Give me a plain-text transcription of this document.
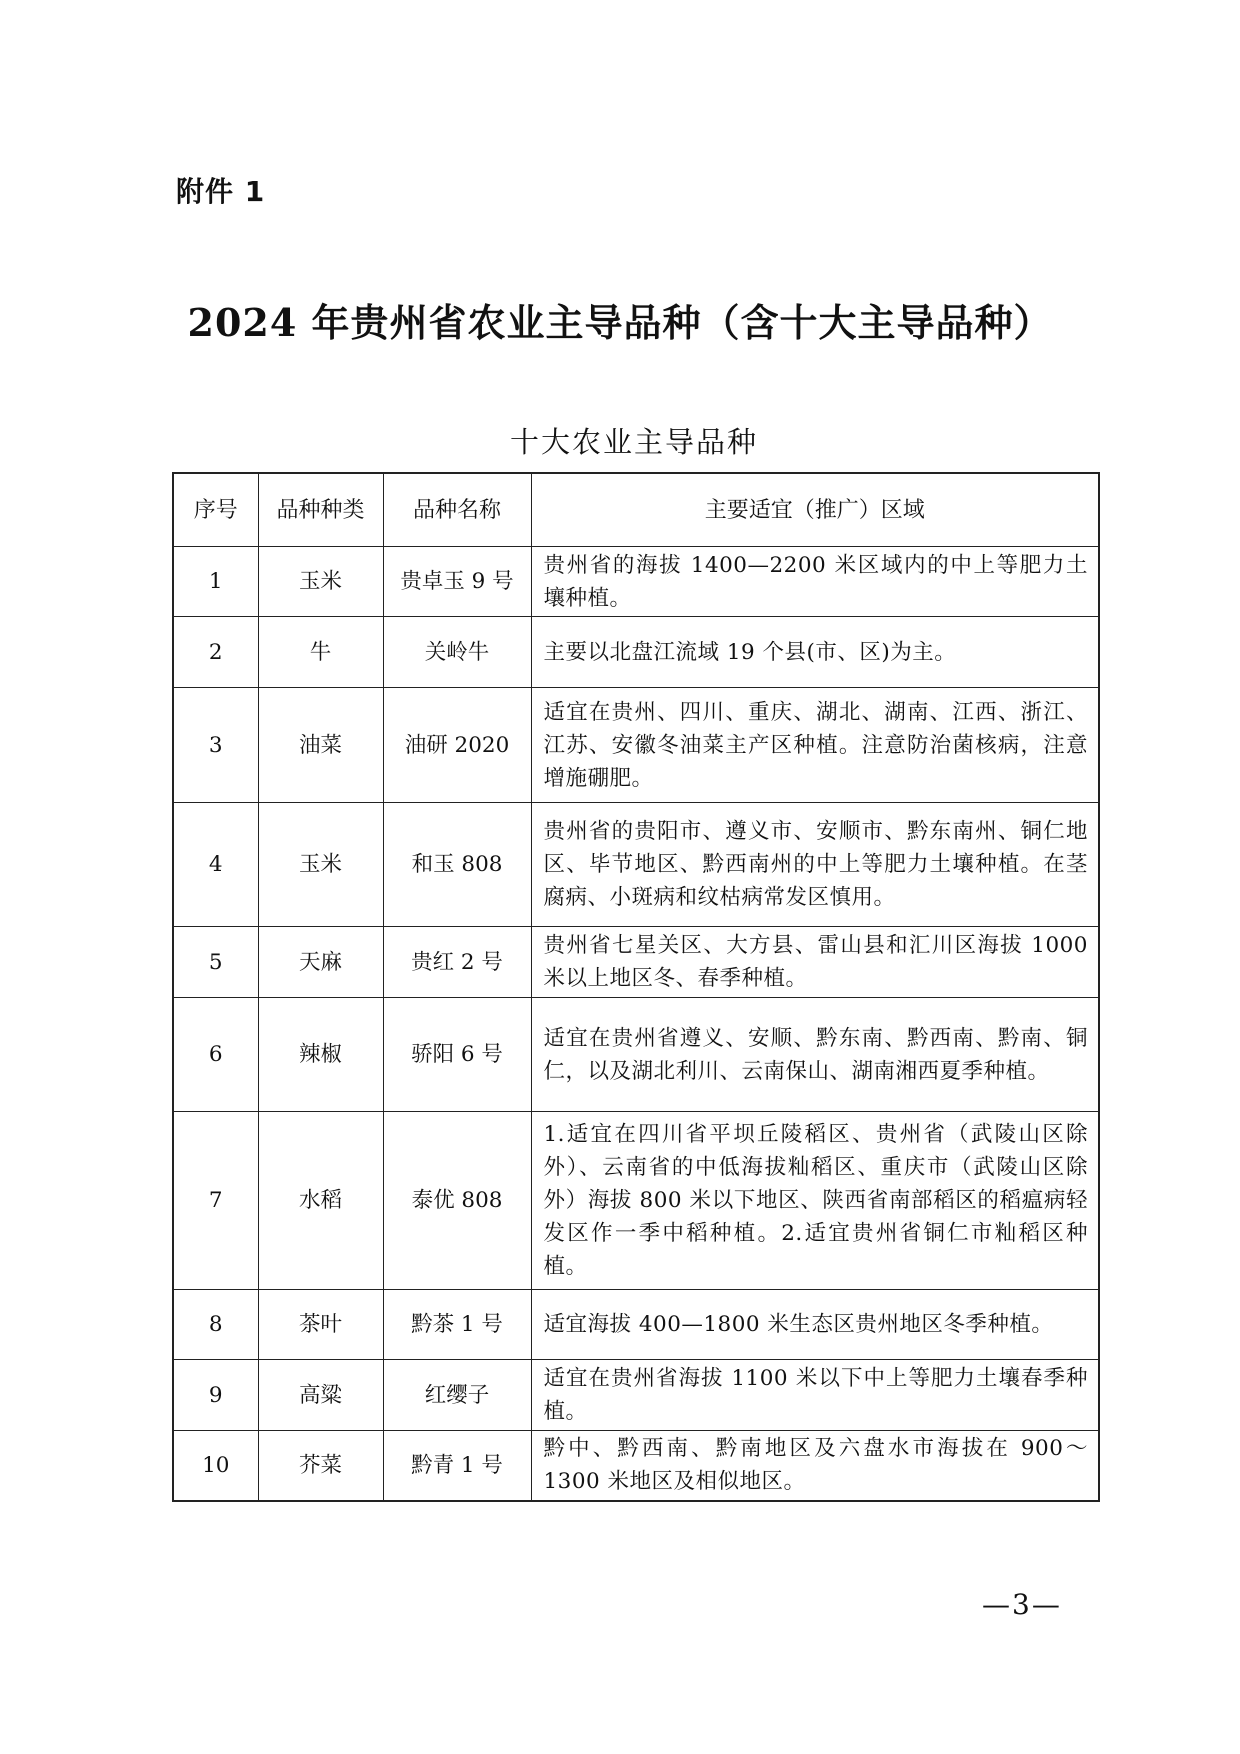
附件 1
2024 年贵州省农业主导品种（含十大主导品种）
十大农业主导品种
序号	品种种类	品种名称	主要适宜（推广）区域
1	玉米	贵卓玉 9 号	贵州省的海拔 1400—2200 米区域内的中上等肥力土壤种植。
2	牛	关岭牛	主要以北盘江流域 19 个县(市、区)为主。
3	油菜	油研 2020	适宜在贵州、四川、重庆、湖北、湖南、江西、浙江、江苏、安徽冬油菜主产区种植。注意防治菌核病，注意增施硼肥。
4	玉米	和玉 808	贵州省的贵阳市、遵义市、安顺市、黔东南州、铜仁地区、毕节地区、黔西南州的中上等肥力土壤种植。在茎腐病、小斑病和纹枯病常发区慎用。
5	天麻	贵红 2 号	贵州省七星关区、大方县、雷山县和汇川区海拔 1000 米以上地区冬、春季种植。
6	辣椒	骄阳 6 号	适宜在贵州省遵义、安顺、黔东南、黔西南、黔南、铜仁，以及湖北利川、云南保山、湖南湘西夏季种植。
7	水稻	泰优 808	1.适宜在四川省平坝丘陵稻区、贵州省（武陵山区除外）、云南省的中低海拔籼稻区、重庆市（武陵山区除外）海拔 800 米以下地区、陕西省南部稻区的稻瘟病轻发区作一季中稻种植。2.适宜贵州省铜仁市籼稻区种植。
8	茶叶	黔茶 1 号	适宜海拔 400—1800 米生态区贵州地区冬季种植。
9	高粱	红缨子	适宜在贵州省海拔 1100 米以下中上等肥力土壤春季种植。
10	芥菜	黔青 1 号	黔中、黔西南、黔南地区及六盘水市海拔在 900～1300 米地区及相似地区。
—3—
